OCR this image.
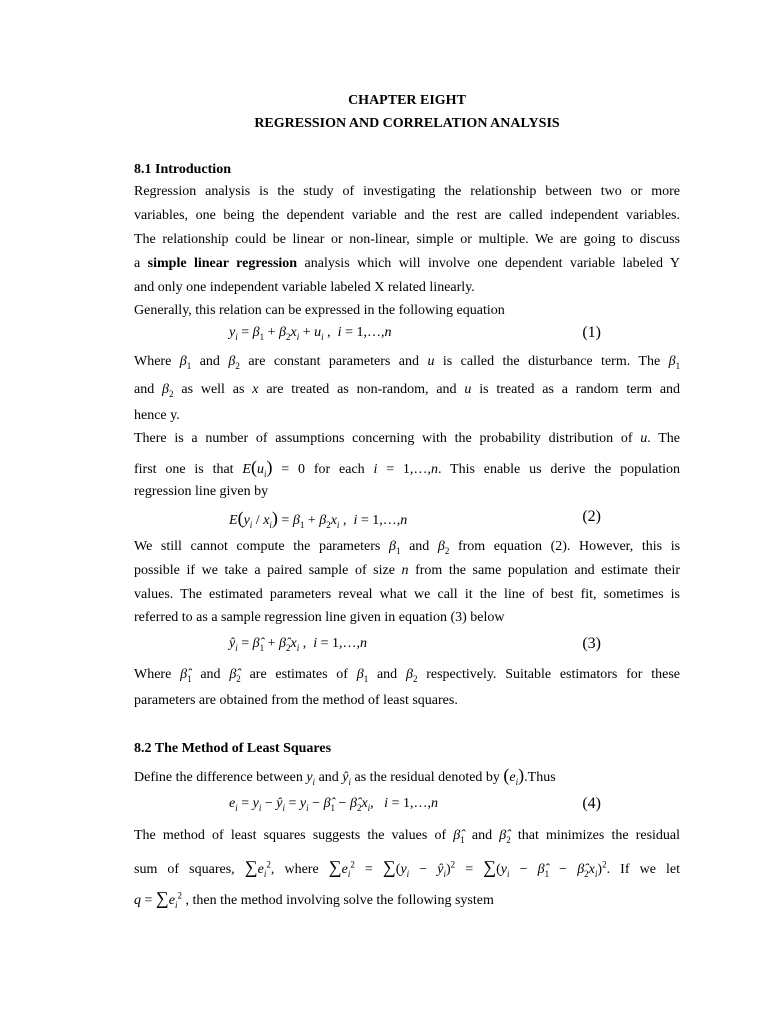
CHAPTER EIGHT
REGRESSION AND CORRELATION ANALYSIS
8.1 Introduction
Regression analysis is the study of investigating the relationship between two or more
variables, one being the dependent variable and the rest are called independent variables.
The relationship could be linear or non-linear, simple or multiple. We are going to discuss
a simple linear regression analysis which will involve one dependent variable labeled Y
and only one independent variable labeled X related linearly.
Generally, this relation can be expressed in the following equation
$y_i = \beta_1 + \beta_2x_i + u_i$ ,  i = 1,…,n	(1)
Where $\beta_1$ and $\beta_2$ are constant parameters and u is called the disturbance term. The $\beta_1$
and $\beta_2$ as well as x are treated as non-random, and u is treated as a random term and
hence y.
There is a number of assumptions concerning with the probability distribution of u. The
first one is that $E(u_i) = 0$ for each i = 1,…,n. This enable us derive the population
regression line given by
$E(y_i / x_i) = \beta_1 + \beta_2x_i$ ,  i = 1,…,n	(2)
We still cannot compute the parameters $\beta_1$ and $\beta_2$ from equation (2). However, this is
possible if we take a paired sample of size n from the same population and estimate their
values. The estimated parameters reveal what we call it the line of best fit, sometimes is
referred to as a sample regression line given in equation (3) below
$ŷ_i$ = $\betâ_1$ + $\betâ_2x_i$ ,  i = 1,…,n	(3)
Where $\betâ_1$ and $\betâ_2$ are estimates of $\beta_1$ and $\beta_2$ respectively. Suitable estimators for these
parameters are obtained from the method of least squares.
8.2 The Method of Least Squares
Define the difference between $y_i$ and $ŷ_i$ as the residual denoted by $(e_i).Thus$
$e_i = y_i$ − $ŷ_i = y_i$ − $\betâ_1$ − $\betâ_2x_i$,   i = 1,…,n	(4)
The method of least squares suggests the values of $\betâ_1$ and $\betâ_2$ that minimizes the residual
sum of squares, $\sum e_i^2$, where $\sum e_i^2 = \sum(y_i$ − $ŷ_i)^2 = \sum(y_i$ − $\betâ_1$ − $\betâ_2x_i)^2$. If we let
$q = \sum e_i^2$ , then the method involving solve the following system
